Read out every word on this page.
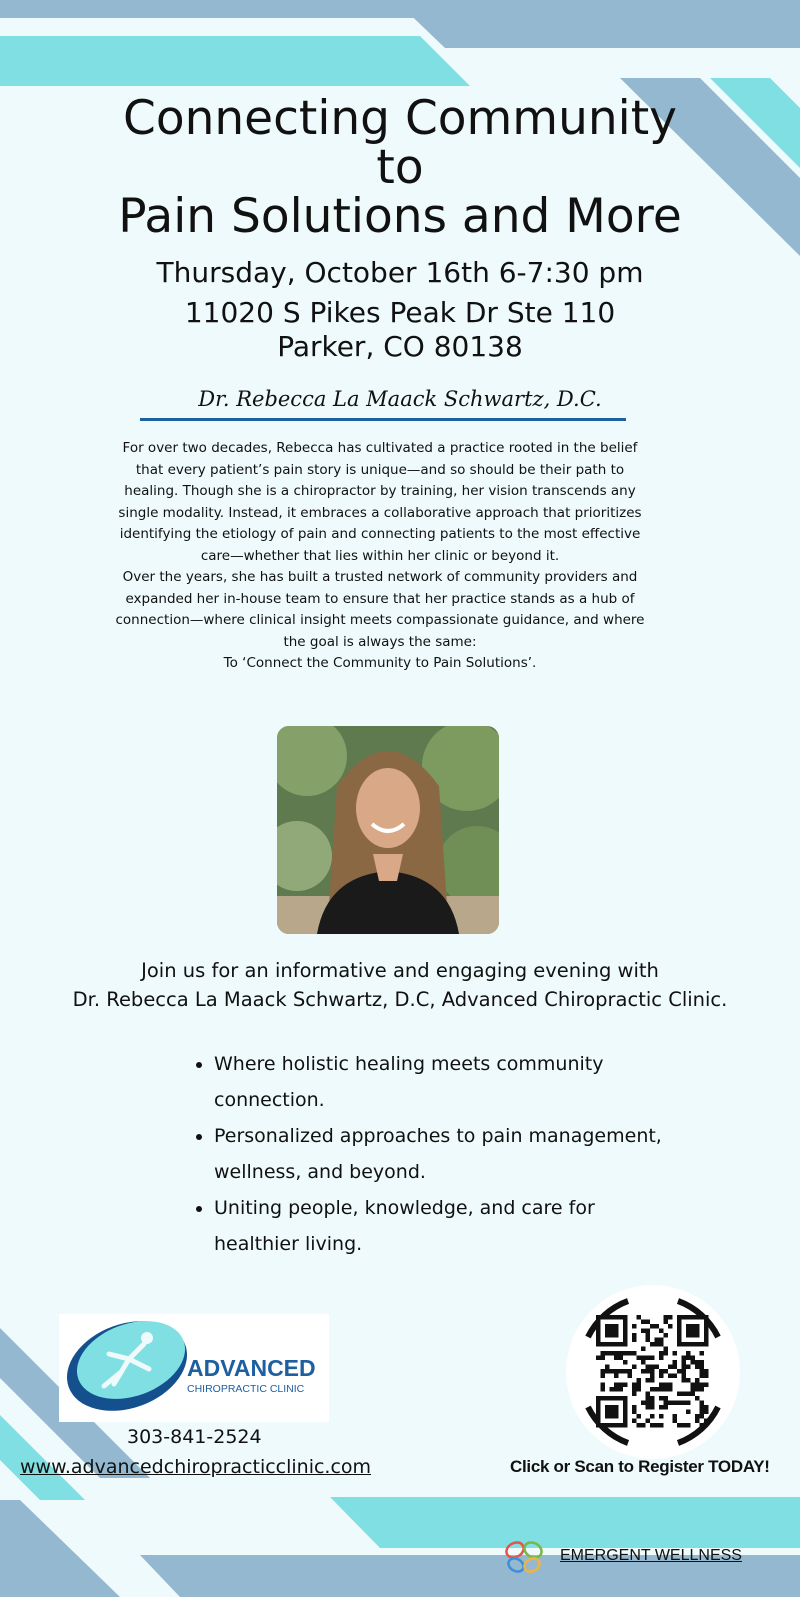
Connecting Community
to
Pain Solutions and More
Thursday, October 16th 6-7:30 pm
11020 S Pikes Peak Dr Ste 110
Parker, CO 80138
Dr. Rebecca La Maack Schwartz, D.C.

For over two decades, Rebecca has cultivated a practice rooted in the belief that every patient’s pain story is unique—and so should be their path to healing. Though she is a chiropractor by training, her vision transcends any single modality. Instead, it embraces a collaborative approach that prioritizes identifying the etiology of pain and connecting patients to the most effective care—whether that lies within her clinic or beyond it.

Over the years, she has built a trusted network of community providers and expanded her in-house team to ensure that her practice stands as a hub of connection—where clinical insight meets compassionate guidance, and where the goal is always the same:

To ‘Connect the Community to Pain Solutions’.

Join us for an informative and engaging evening with
Dr. Rebecca La Maack Schwartz, D.C, Advanced Chiropractic Clinic.
• Where holistic healing meets community connection.
• Personalized approaches to pain management, wellness, and beyond.
• Uniting people, knowledge, and care for healthier living.
ADVANCED
CHIROPRACTIC CLINIC
303-841-2524
www.advancedchiropracticclinic.com	Click or Scan to Register TODAY!
EMERGENT WELLNESS
